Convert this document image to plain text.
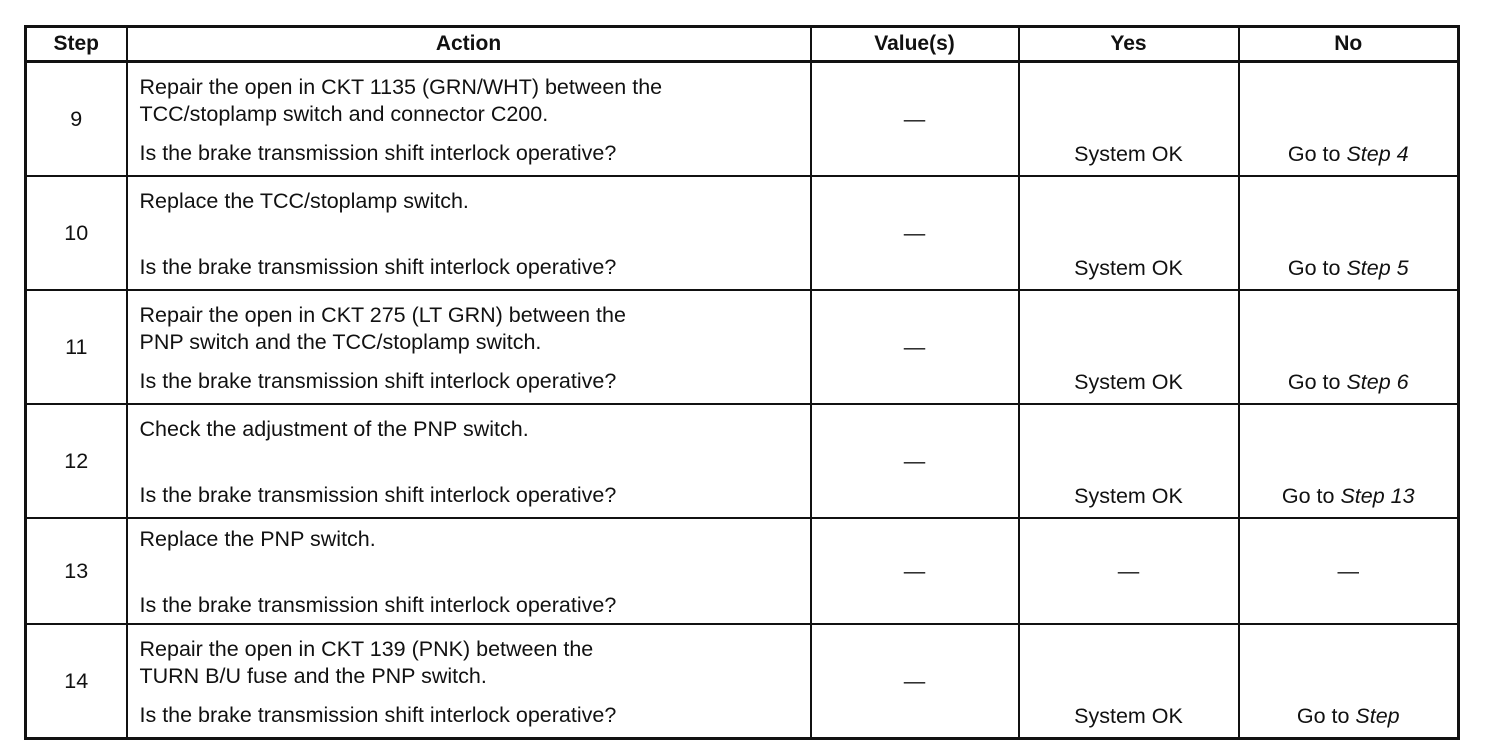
Step	Action	Value(s)	Yes	No
9	Repair the open in CKT 1135 (GRN/WHT) between the
TCC/stoplamp switch and connector C200.
Is the brake transmission shift interlock operative?	—	System OK	Go to Step 4
10	Replace the TCC/stoplamp switch.
Is the brake transmission shift interlock operative?	—	System OK	Go to Step 5
11	Repair the open in CKT 275 (LT GRN) between the
PNP switch and the TCC/stoplamp switch.
Is the brake transmission shift interlock operative?	—	System OK	Go to Step 6
12	Check the adjustment of the PNP switch.
Is the brake transmission shift interlock operative?	—	System OK	Go to Step 13
13	Replace the PNP switch.
Is the brake transmission shift interlock operative?	—	—	—
14	Repair the open in CKT 139 (PNK) between the
TURN B/U fuse and the PNP switch.
Is the brake transmission shift interlock operative?	—	System OK	Go to Step
